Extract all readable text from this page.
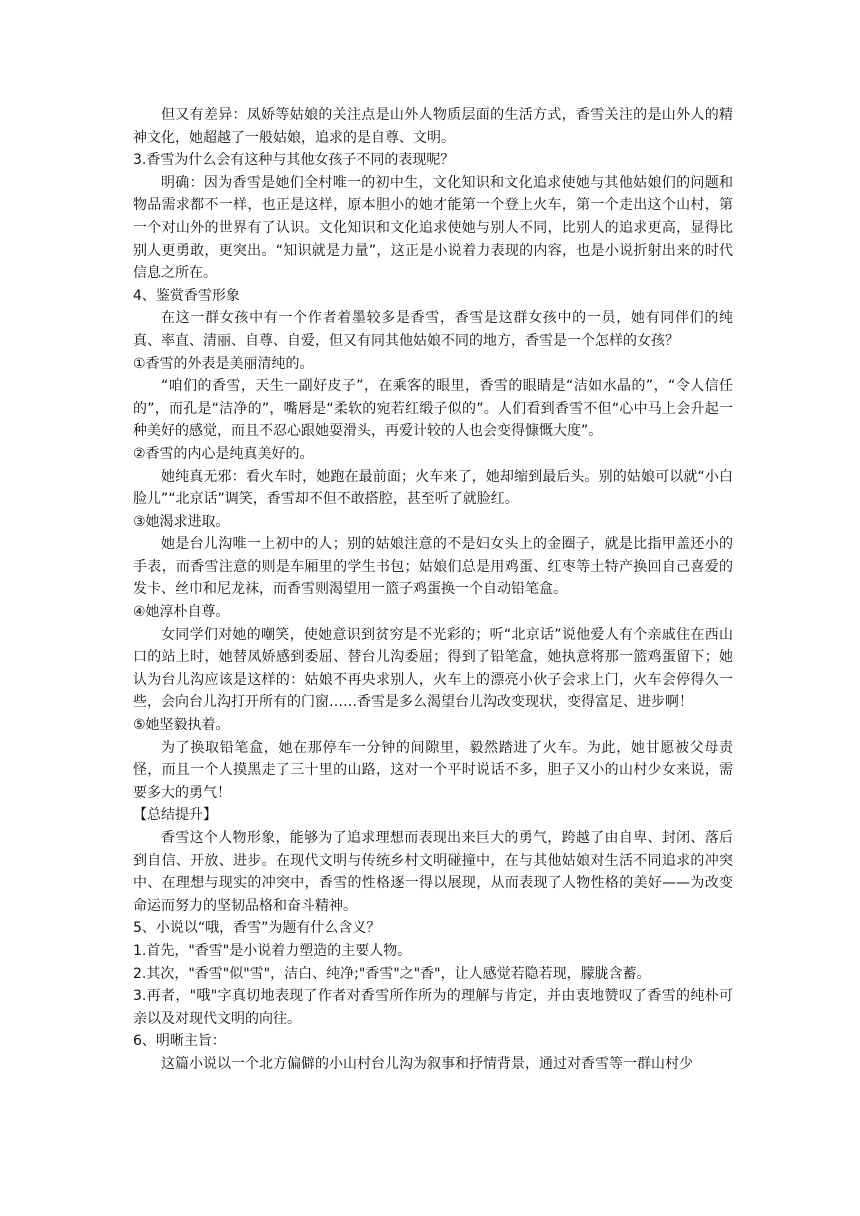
但又有差异：凤娇等姑娘的关注点是山外人物质层面的生活方式，香雪关注的是山外人的精神文化，她超越了一般姑娘，追求的是自尊、文明。

3.香雪为什么会有这种与其他女孩子不同的表现呢？

明确：因为香雪是她们全村唯一的初中生，文化知识和文化追求使她与其他姑娘们的问题和物品需求都不一样，也正是这样，原本胆小的她才能第一个登上火车，第一个走出这个山村，第一个对山外的世界有了认识。文化知识和文化追求使她与别人不同，比别人的追求更高，显得比别人更勇敢，更突出。“知识就是力量”，这正是小说着力表现的内容，也是小说折射出来的时代信息之所在。

4、鉴赏香雪形象

在这一群女孩中有一个作者着墨较多是香雪，香雪是这群女孩中的一员，她有同伴们的纯真、率直、清丽、自尊、自爱，但又有同其他姑娘不同的地方，香雪是一个怎样的女孩？

①香雪的外表是美丽清纯的。

“咱们的香雪，天生一副好皮子”，在乘客的眼里，香雪的眼睛是“洁如水晶的”，“令人信任的”，而孔是“洁净的”，嘴唇是“柔软的宛若红缎子似的”。人们看到香雪不但“心中马上会升起一种美好的感觉，而且不忍心跟她耍滑头，再爱计较的人也会变得慷慨大度”。

②香雪的内心是纯真美好的。

她纯真无邪：看火车时，她跑在最前面；火车来了，她却缩到最后头。别的姑娘可以就“小白脸儿”“北京话”调笑，香雪却不但不敢搭腔，甚至听了就脸红。

③她渴求进取。

她是台儿沟唯一上初中的人；别的姑娘注意的不是妇女头上的金圈子，就是比指甲盖还小的手表，而香雪注意的则是车厢里的学生书包；姑娘们总是用鸡蛋、红枣等土特产换回自己喜爱的发卡、丝巾和尼龙袜，而香雪则渴望用一篮子鸡蛋换一个自动铅笔盒。

④她淳朴自尊。

女同学们对她的嘲笑，使她意识到贫穷是不光彩的；听“北京话”说他爱人有个亲戚住在西山口的站上时，她替凤娇感到委屈、替台儿沟委屈；得到了铅笔盒，她执意将那一篮鸡蛋留下；她认为台儿沟应该是这样的：姑娘不再央求别人，火车上的漂亮小伙子会求上门，火车会停得久一些，会向台儿沟打开所有的门窗……香雪是多么渴望台儿沟改变现状，变得富足、进步啊！

⑤她坚毅执着。

为了换取铅笔盒，她在那停车一分钟的间隙里，毅然踏进了火车。为此，她甘愿被父母责怪，而且一个人摸黑走了三十里的山路，这对一个平时说话不多，胆子又小的山村少女来说，需要多大的勇气！

【总结提升】

香雪这个人物形象，能够为了追求理想而表现出来巨大的勇气，跨越了由自卑、封闭、落后到自信、开放、进步。在现代文明与传统乡村文明碰撞中，在与其他姑娘对生活不同追求的冲突中、在理想与现实的冲突中，香雪的性格逐一得以展现，从而表现了人物性格的美好——为改变命运而努力的坚韧品格和奋斗精神。

5、小说以“哦，香雪”为题有什么含义？

1.首先，"香雪"是小说着力塑造的主要人物。

2.其次，"香雪"似"雪"，洁白、纯净;"香雪"之"香"，让人感觉若隐若现，朦胧含蓄。

3.再者，"哦"字真切地表现了作者对香雪所作所为的理解与肯定，并由衷地赞叹了香雪的纯朴可亲以及对现代文明的向往。

6、明晰主旨：

这篇小说以一个北方偏僻的小山村台儿沟为叙事和抒情背景，通过对香雪等一群山村少
